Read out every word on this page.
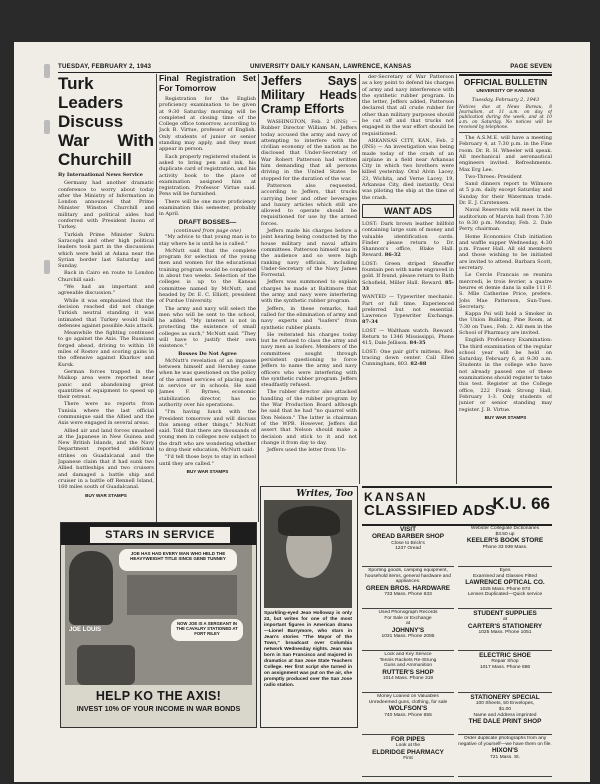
TUESDAY, FEBRUARY 2, 1943	UNIVERSITY DAILY KANSAN, LAWRENCE, KANSAS	PAGE SEVEN
Turk Leaders Discuss War With Churchill
By International News Service

Germany had another dramatic conference to worry about today after the Ministry of Information in London announced that Prime Minister Winston Churchill and military and political aides had conferred with President Inonu of Turkey.

Turkish Prime Minister Sukru Saracoglu and other high political leaders took part in the discussions which were held at Adana near the Syrian border last Saturday and Sunday.

Back in Cairo en route to London Churchill said:

"We had an important and agreeable discussion."

While it was emphasized that the decision reached did not change Turkish neutral standing it was intimated that Turkey would build defenses against possible Axis attack.

Meanwhile the fighting continued to go against the Axis. The Russians forged ahead, driving to within 18 miles of Rostov and scoring gains in the offensive against Kharkov and Kursk.

German forces trapped in the Maikop area were reported near panic and abandoning great quantities of equipment to speed up their retreat.

There were no reports from Tunisia where the last official communique said the Allied and the Axis were engaged in several areas.

Allied air and land forces smashed at the Japanese in New Guinea and New British Islands, and the Navy Department reported additional strikes on Guadalcanal and the Japanese claim that it had sunk two Allied battleships and two cruisers and damaged a battle ship and cruiser in a battle off Rennell Island, 160 miles south of Guadalcanal.

BUY WAR STAMPS
Final Registration Set For Tomorrow

Registration for the English proficiency examination to be given at 9:30 Saturday morning will be completed at closing time of the College office tomorrow, according to Jack B. Virtue, professor of English. Only students of junior or senior standing may apply, and they must appear in person.

Each properly registered student is asked to bring pen and ink, his duplicate card of registration, and his activity book to the place of examination assigned him at registration. Professor Virtue said. Pens will be furnished.

There will be one more proficiency examination this semester, probably in April.

DRAFT BOSSES—
(continued from page one)

"My advice to that young man is to stay where he is until he is called."

McNutt said that the complete program for selection of the young men and women for the educational training program would be completed in about two weeks. Selection of the colleges is up to the Kansas committee named by McNutt, and headed by Dr. E. C. Elliott, president of Purdue University.

The army and navy will select the men who will be sent to the school, he added. "My interest is not in protecting the existence of small colleges as such," McNutt said. "They will have to justify their own existence."

Bosses Do Not Agree

McNutt's revelation of an impasse between himself and Hershey came when he was questioned on the policy of the armed services of placing men in service or in schools. He said James F. Byrnes, economic stabilization director, has no authority over his operations.

"I'm having lunch with the President tomorrow and will discuss this among other things," McNutt said. Told that there are thousands of young men in colleges now subject to the draft who are wondering whether to drop their education, McNutt said:

"I'd tell those boys to stay in school until they are called."

BUY WAR STAMPS
Jeffers Says Military Heads Cramp Efforts

WASHINGTON, Feb. 2 (INS) — Rubber Director William M. Jeffers today accused the army and navy of attempting to interfere with the civilian economy of the nation as he disclosed that Under-Secretary of War Robert Patterson had written him demanding that all persons driving in the United States be stopped for the duration of the war.

Patterson also requested, according to Jeffers, that trucks carrying beer and other beverages and luxury articles which still are allowed to operate should be requisitioned for use by the armed forces.

Jeffers made his charges before a joint hearing being conducted by the house military and naval affairs committees. Patterson himself was in the audience and so were high ranking navy officials, including Under-Secretary of the Navy James Forrestal.

Jeffers was summoned to explain charges he made at Baltimore that the army and navy were interfering with the synthetic rubber program.

Jeffers, in these remarks, had called for the elimination of army and navy experts and "loafers" from synthetic rubber plants.

He reiterated his charges today but he refused to class the army and navy men as loafers. Members of the committees sought through persistent questioning to force Jeffers to name the army and navy officers who were interfering with the synthetic rubber program. Jeffers steadfastly refused.

The rubber director also attacked handling of the rubber program by the War Production Board although he said that he had "no quarrel with Don Nelson." The latter is chairman of the WPB. However, Jeffers did assert that Nelson should make a decision and stick to it and not change it from day to day.

Jeffers used the letter from Un-

der-Secretary of War Patterson as a key point to defend his charges of army and navy interference with the synthetic rubber program. In the letter, Jeffers added, Patterson declared that all crude rubber for other than military purposes should be cut off and that trucks not engaged in the war effort should be requisitioned.

ARKANSAS CITY, KAN., Feb. 2 (INS) — An investigation was being made today of the crash of an airplane in a field near Arkansas City in which two brothers were killed yesterday. Oral Alvin Lacey, 23, Wichita, and Verne Lacey, 19, Arkansas City, died instantly. Oral was piloting the ship at the time of the crash.

WANT ADS
LOST: Dark brown leather billfold containing large sum of money and valuable identification cards. Finder please return to Dr. Shannon's office, Blake Hall. Reward. 86-32
LOST: Green striped Sheaffer fountain pen with name engraved in gold. If found, please return to Ruth Schofield, Miller Hall. Reward. 85-33
WANTED — Typewriter mechanic. Part or full time. Experienced preferred but not essential. Lawrence Typewriter Exchange. 87-34
LOST — Waltham watch. Reward. Return to 1346 Mississippi, Phone 415, Dale Jellison. 84-35
LOST: One pair girl's mittens. Red tracing down center. Call Ellen Cunningham, 803. 82-88
OFFICIAL BULLETIN
UNIVERSITY OF KANSAS
Tuesday, February 2, 1943
Notices due at News Bureau, 8 Journalism, at 11 a.m. on day of publication during the week, and at 10 a.m. on Saturday. No notices will be received by telephone.

The A.S.M.E. will have a meeting February 4, at 7:30 p.m. in the Fine room. Dr. R. H. Wheeler will speak. All mechanical and aeronautical engineers invited. Refreshments. Max Erg Lee.

Two-Threes: President

Sand dinners report to Wilmore at 5 p.m. daily except Saturday and Sunday for their Waterman trade. Dr. E. J. Carstensen.

Naval Reservists will meet in the auditorium of Marvin hall from 7:30 to 8:30 p.m. Monday, Feb. 2. Dale Perry, chairman.

Home Economics Club initiation and waffle supper Wednesday, 4:30 p.m. Fraser Hall. All old members and those wishing to be initiated are invited to attend. Barbara Scott, secretary.

Le Cercle Francais se reunira mercredi, le trois fevrier, a quatre heures et demie dans la salle 111 F. S. Mlle Catherine Price, prefere. Jobs Mae Patterson, Sun-Tues. Secretary.

Kappa Psi will hold a Smoker in the Union Building, Pine Room, at 7:30 on Tues., Feb. 2. All men in the School of Pharmacy are invited.

English Proficiency Examination: The third examination of the regular school year will be held on Saturday, February 6, at 9:30 a.m. Students in the college who have not already passed one of these examinations should register to take this test. Register at the College office, 222 Frank Strong Hall, February 1-3. Only students of junior or senior standing may register. J. B. Virtue.

BUY WAR STAMPS
STARS IN SERVICE
JOE LOUIS
JOE HAS HAD EVERY MAN WHO HELD THE HEAVYWEIGHT TITLE SINCE GENE TUNNEY
NOW JOE IS A SERGEANT IN THE CAVALRY STATIONED AT FORT RILEY
HELP KO THE AXIS!
INVEST 10% OF YOUR INCOME IN WAR BONDS
Writes, Too
Sparkling-eyed Jean Holloway is only 23, but writes for one of the most important figures in American drama—Lionel Barrymore, who stars in Jean's stories "The Mayor of the Town," broadcast over Columbia network Wednesday nights. Jean was born in San Francisco and majored in dramatics at San Jose State Teachers College. Her first script she turned in on assignment was put on the air, she promptly produced over the San Jose radio station.
KANSAN
CLASSIFIED ADS
K.U. 66
VISIT
OREAD BARBER SHOP
Close to Brick's
1237 Oread
Sporting goods, camping equipment, household items, general hardware and appliances.
GREEN BROS. HARDWARE
733 Mass. Phone 633
Used Phonograph Records
For Sale or Exchange
at
JOHNNY'S
1031 Mass. Phone 2085
Lock and Key Service
Tennis Rackets Re-Strung
Guns and Ammunition
RUTTER'S SHOP
1014 Mass. Phone 319
Money Loaned on Valuables
Unredeemed guns, clothing, for sale
WOLFSON'S
740 Mass. Phone 655
FOR PIPES
Look at the
ELDRIDGE PHARMACY
First
Webster Collegiate Dictionaries
$3.50 up
KEELER'S BOOK STORE
Phone 33 939 Mass.
Eyes
Examined and Glasses Fitted
LAWRENCE OPTICAL CO.
1025 Mass. Phone 873
Lenses Duplicated—Quick service
STUDENT SUPPLIES
at
CARTER'S STATIONERY
1025 Mass. Phone 1051
ELECTRIC SHOE
Repair Shop
1017 Mass. Phone 686
STATIONERY SPECIAL
100 Sheets, 50 Envelopes,
$1.00
Name and Address imprinted
THE DALE PRINT SHOP
Order duplicate photographs from any negative of yourself—we have them on file.
HIXON'S
721 Mass. St.
